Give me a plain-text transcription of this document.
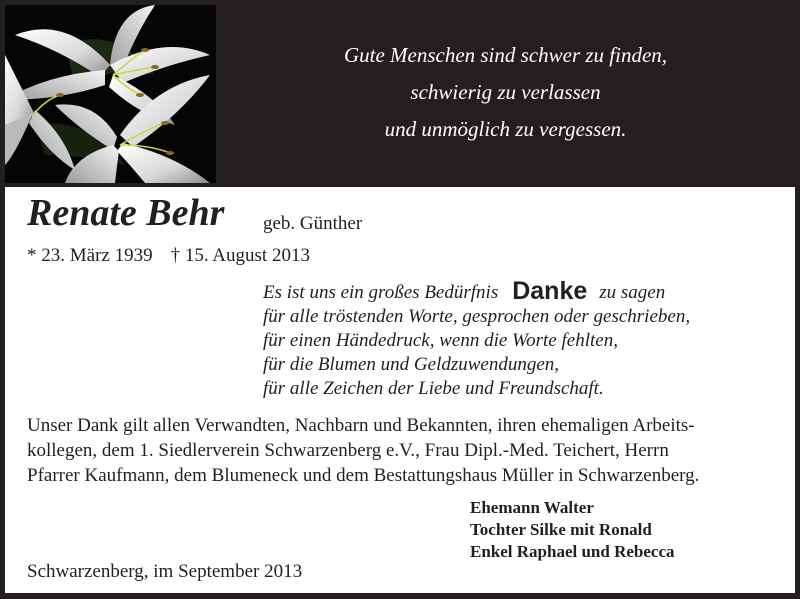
Gute Menschen sind schwer zu finden,
schwierig zu verlassen
und unmöglich zu vergessen.
Renate Behr geb. Günther
* 23. März 1939 † 15. August 2013
Es ist uns ein großes Bedürfnis Danke zu sagen
für alle tröstenden Worte, gesprochen oder geschrieben,
für einen Händedruck, wenn die Worte fehlten,
für die Blumen und Geldzuwendungen,
für alle Zeichen der Liebe und Freundschaft.
Unser Dank gilt allen Verwandten, Nachbarn und Bekannten, ihren ehemaligen Arbeits-
kollegen, dem 1. Siedlerverein Schwarzenberg e.V., Frau Dipl.-Med. Teichert, Herrn
Pfarrer Kaufmann, dem Blumeneck und dem Bestattungshaus Müller in Schwarzenberg.
Ehemann Walter
Tochter Silke mit Ronald
Enkel Raphael und Rebecca
Schwarzenberg, im September 2013
